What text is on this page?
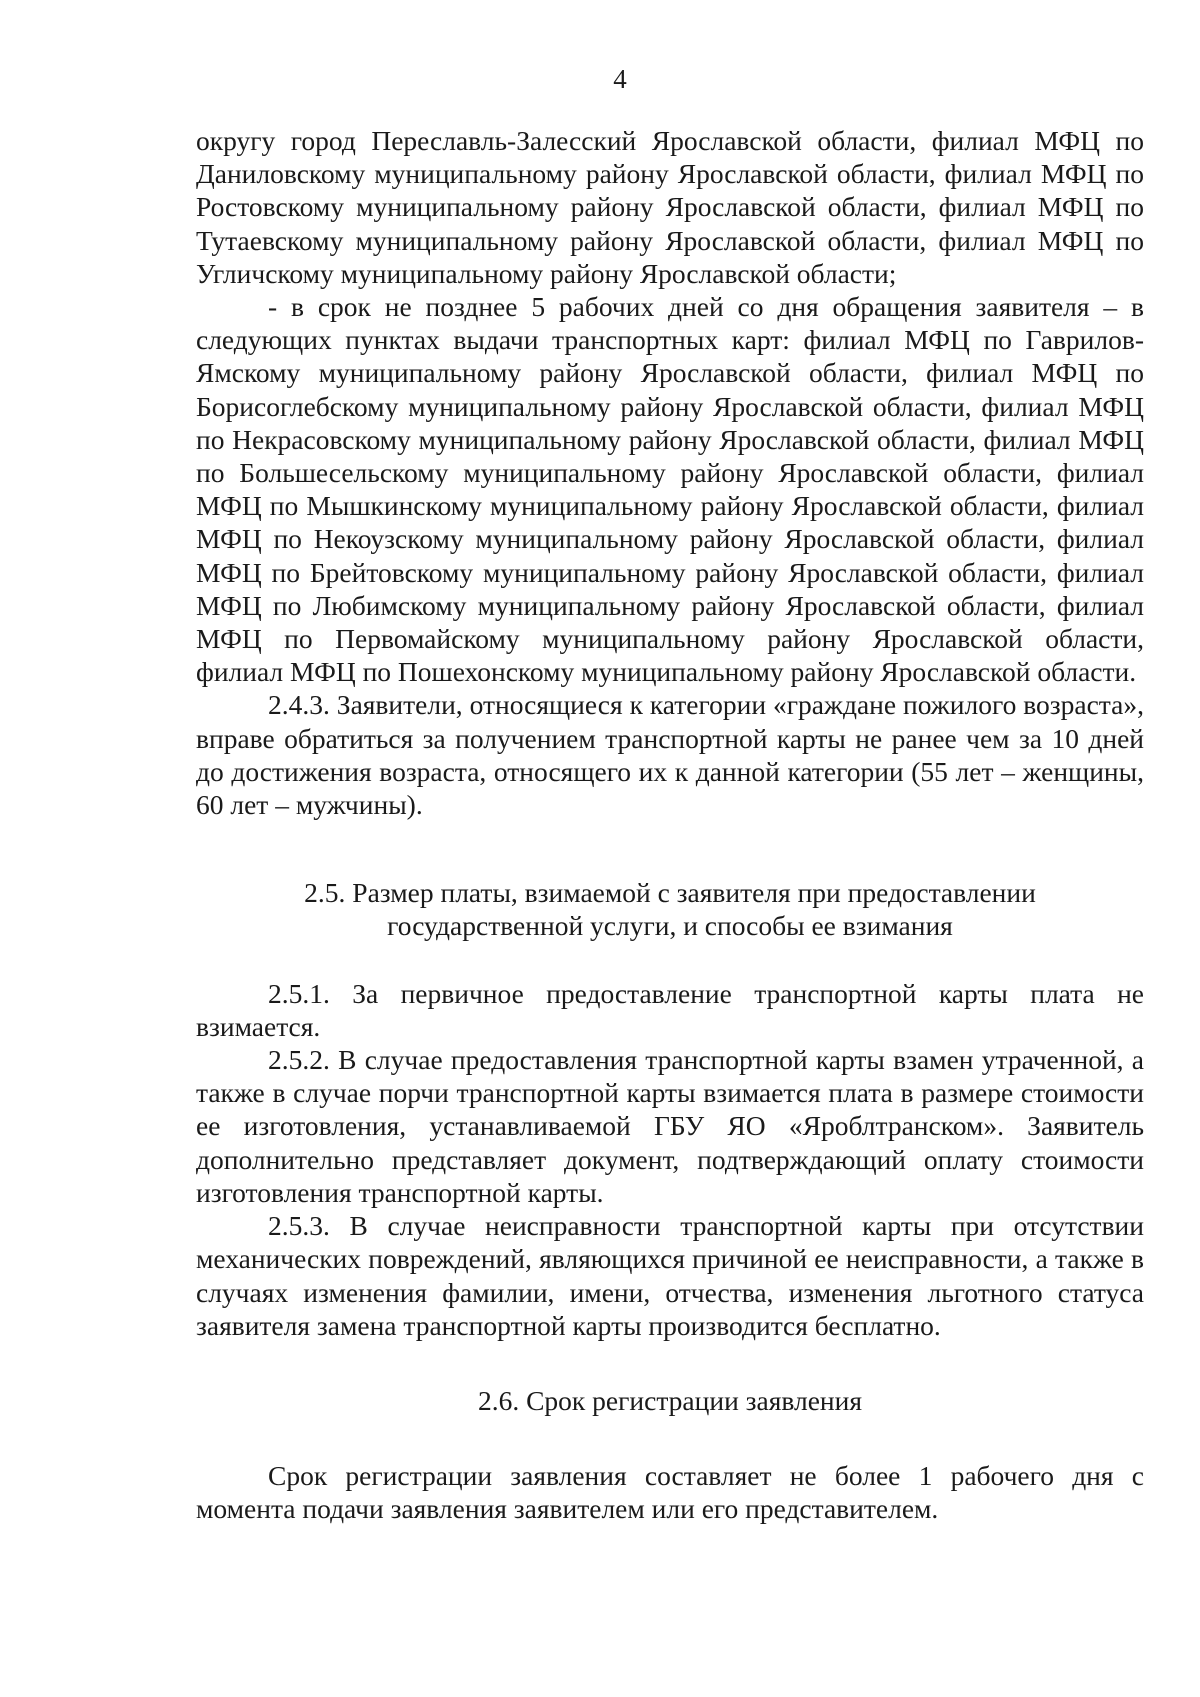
4

округу город Переславль-Залесский Ярославской области, филиал МФЦ по Даниловскому муниципальному району Ярославской области, филиал МФЦ по Ростовскому муниципальному району Ярославской области, филиал МФЦ по Тутаевскому муниципальному району Ярославской области, филиал МФЦ по Угличскому муниципальному району Ярославской области;

- в срок не позднее 5 рабочих дней со дня обращения заявителя – в следующих пунктах выдачи транспортных карт: филиал МФЦ по Гаврилов-Ямскому муниципальному району Ярославской области, филиал МФЦ по Борисоглебскому муниципальному району Ярославской области, филиал МФЦ по Некрасовскому муниципальному району Ярославской области, филиал МФЦ по Большесельскому муниципальному району Ярославской области, филиал МФЦ по Мышкинскому муниципальному району Ярославской области, филиал МФЦ по Некоузскому муниципальному району Ярославской области, филиал МФЦ по Брейтовскому муниципальному району Ярославской области, филиал МФЦ по Любимскому муниципальному району Ярославской области, филиал МФЦ по Первомайскому муниципальному району Ярославской области, филиал МФЦ по Пошехонскому муниципальному району Ярославской области.

2.4.3. Заявители, относящиеся к категории «граждане пожилого возраста», вправе обратиться за получением транспортной карты не ранее чем за 10 дней до достижения возраста, относящего их к данной категории (55 лет – женщины, 60 лет – мужчины).

2.5. Размер платы, взимаемой с заявителя при предоставлении
государственной услуги, и способы ее взимания

2.5.1. За первичное предоставление транспортной карты плата не взимается.

2.5.2. В случае предоставления транспортной карты взамен утраченной, а также в случае порчи транспортной карты взимается плата в размере стоимости ее изготовления, устанавливаемой ГБУ ЯО «Яроблтранском». Заявитель дополнительно представляет документ, подтверждающий оплату стоимости изготовления транспортной карты.

2.5.3. В случае неисправности транспортной карты при отсутствии механических повреждений, являющихся причиной ее неисправности, а также в случаях изменения фамилии, имени, отчества, изменения льготного статуса заявителя замена транспортной карты производится бесплатно.

2.6. Срок регистрации заявления

Срок регистрации заявления составляет не более 1 рабочего дня с момента подачи заявления заявителем или его представителем.
